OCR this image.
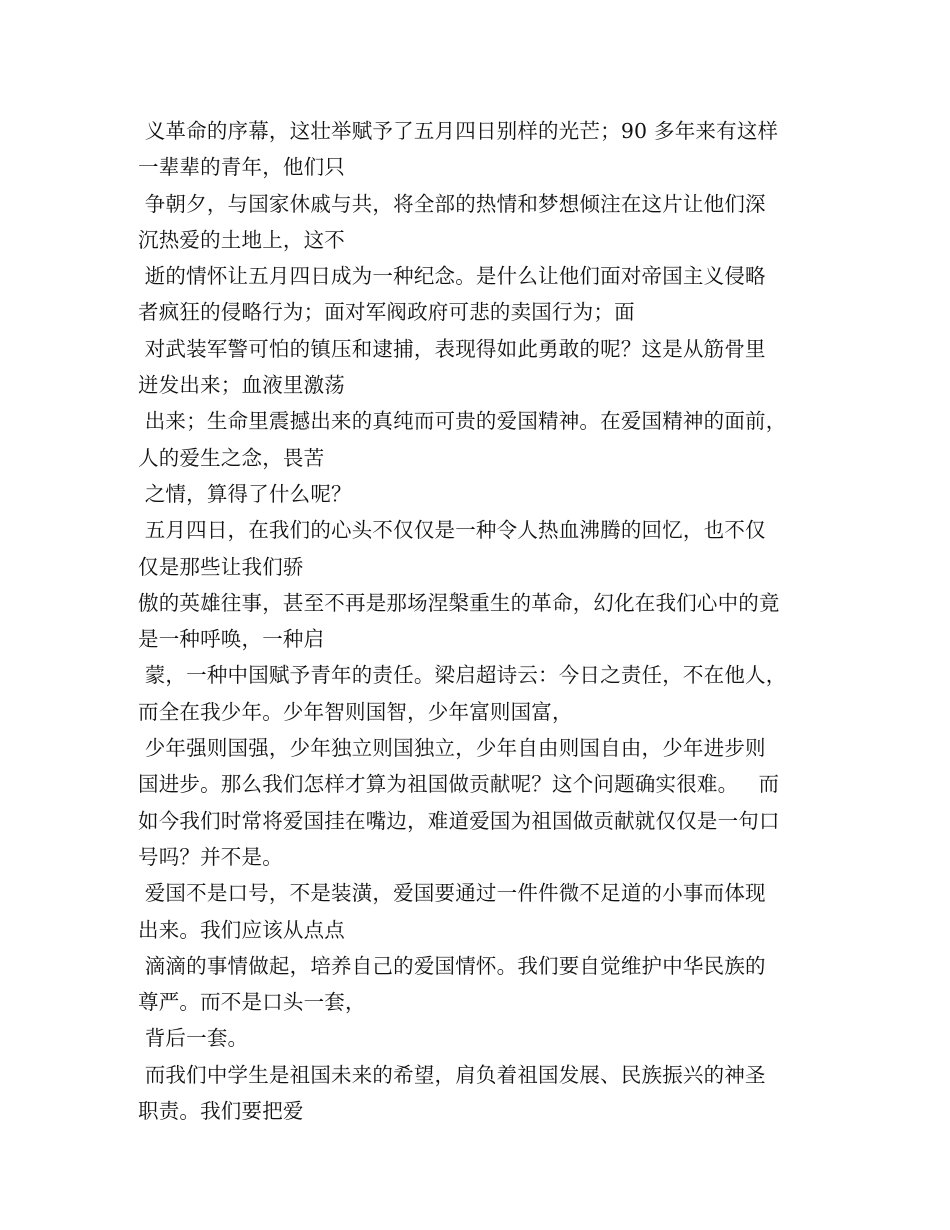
义革命的序幕，这壮举赋予了五月四日别样的光芒；90 多年来有这样
一辈辈的青年，他们只
争朝夕，与国家休戚与共，将全部的热情和梦想倾注在这片让他们深
沉热爱的土地上，这不
逝的情怀让五月四日成为一种纪念。是什么让他们面对帝国主义侵略
者疯狂的侵略行为；面对军阀政府可悲的卖国行为；面
对武装军警可怕的镇压和逮捕，表现得如此勇敢的呢？这是从筋骨里
迸发出来；血液里激荡
出来；生命里震撼出来的真纯而可贵的爱国精神。在爱国精神的面前，
人的爱生之念，畏苦
之情，算得了什么呢？
五月四日，在我们的心头不仅仅是一种令人热血沸腾的回忆，也不仅
仅是那些让我们骄
傲的英雄往事，甚至不再是那场涅槃重生的革命，幻化在我们心中的竟
是一种呼唤，一种启
蒙，一种中国赋予青年的责任。梁启超诗云：今日之责任，不在他人，
而全在我少年。少年智则国智，少年富则国富，
少年强则国强，少年独立则国独立，少年自由则国自由，少年进步则
国进步。那么我们怎样才算为祖国做贡献呢？这个问题确实很难。   而
如今我们时常将爱国挂在嘴边，难道爱国为祖国做贡献就仅仅是一句口
号吗？并不是。
爱国不是口号，不是装潢，爱国要通过一件件微不足道的小事而体现
出来。我们应该从点点
滴滴的事情做起，培养自己的爱国情怀。我们要自觉维护中华民族的
尊严。而不是口头一套，
背后一套。
而我们中学生是祖国未来的希望，肩负着祖国发展、民族振兴的神圣
职责。我们要把爱
